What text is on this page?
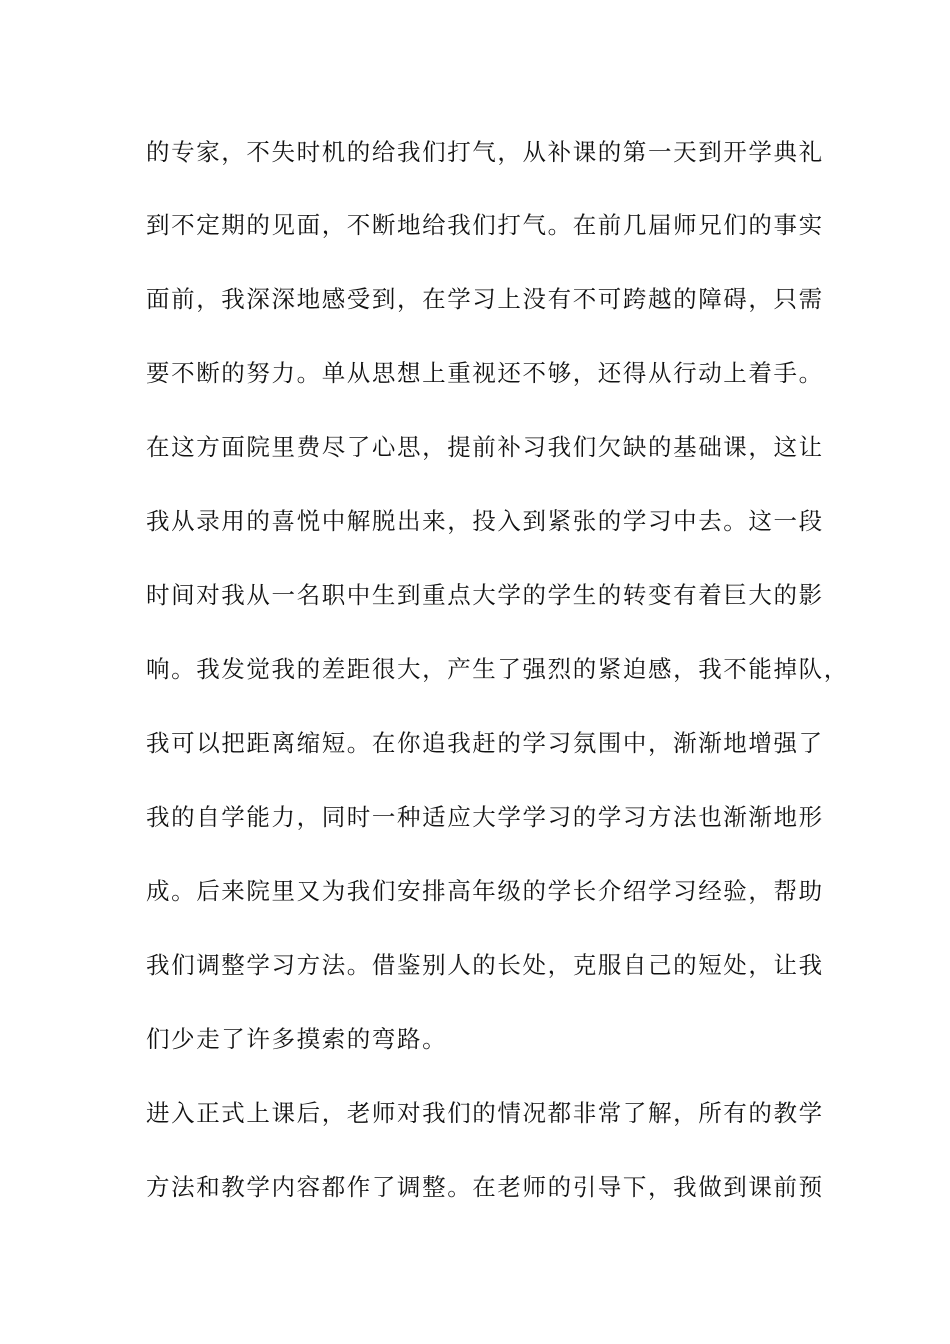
的专家，不失时机的给我们打气，从补课的第一天到开学典礼
到不定期的见面，不断地给我们打气。在前几届师兄们的事实
面前，我深深地感受到，在学习上没有不可跨越的障碍，只需
要不断的努力。单从思想上重视还不够，还得从行动上着手。
在这方面院里费尽了心思，提前补习我们欠缺的基础课，这让
我从录用的喜悦中解脱出来，投入到紧张的学习中去。这一段
时间对我从一名职中生到重点大学的学生的转变有着巨大的影
响。我发觉我的差距很大，产生了强烈的紧迫感，我不能掉队，
我可以把距离缩短。在你追我赶的学习氛围中，渐渐地增强了
我的自学能力，同时一种适应大学学习的学习方法也渐渐地形
成。后来院里又为我们安排高年级的学长介绍学习经验，帮助
我们调整学习方法。借鉴别人的长处，克服自己的短处，让我
们少走了许多摸索的弯路。
进入正式上课后，老师对我们的情况都非常了解，所有的教学
方法和教学内容都作了调整。在老师的引导下，我做到课前预
